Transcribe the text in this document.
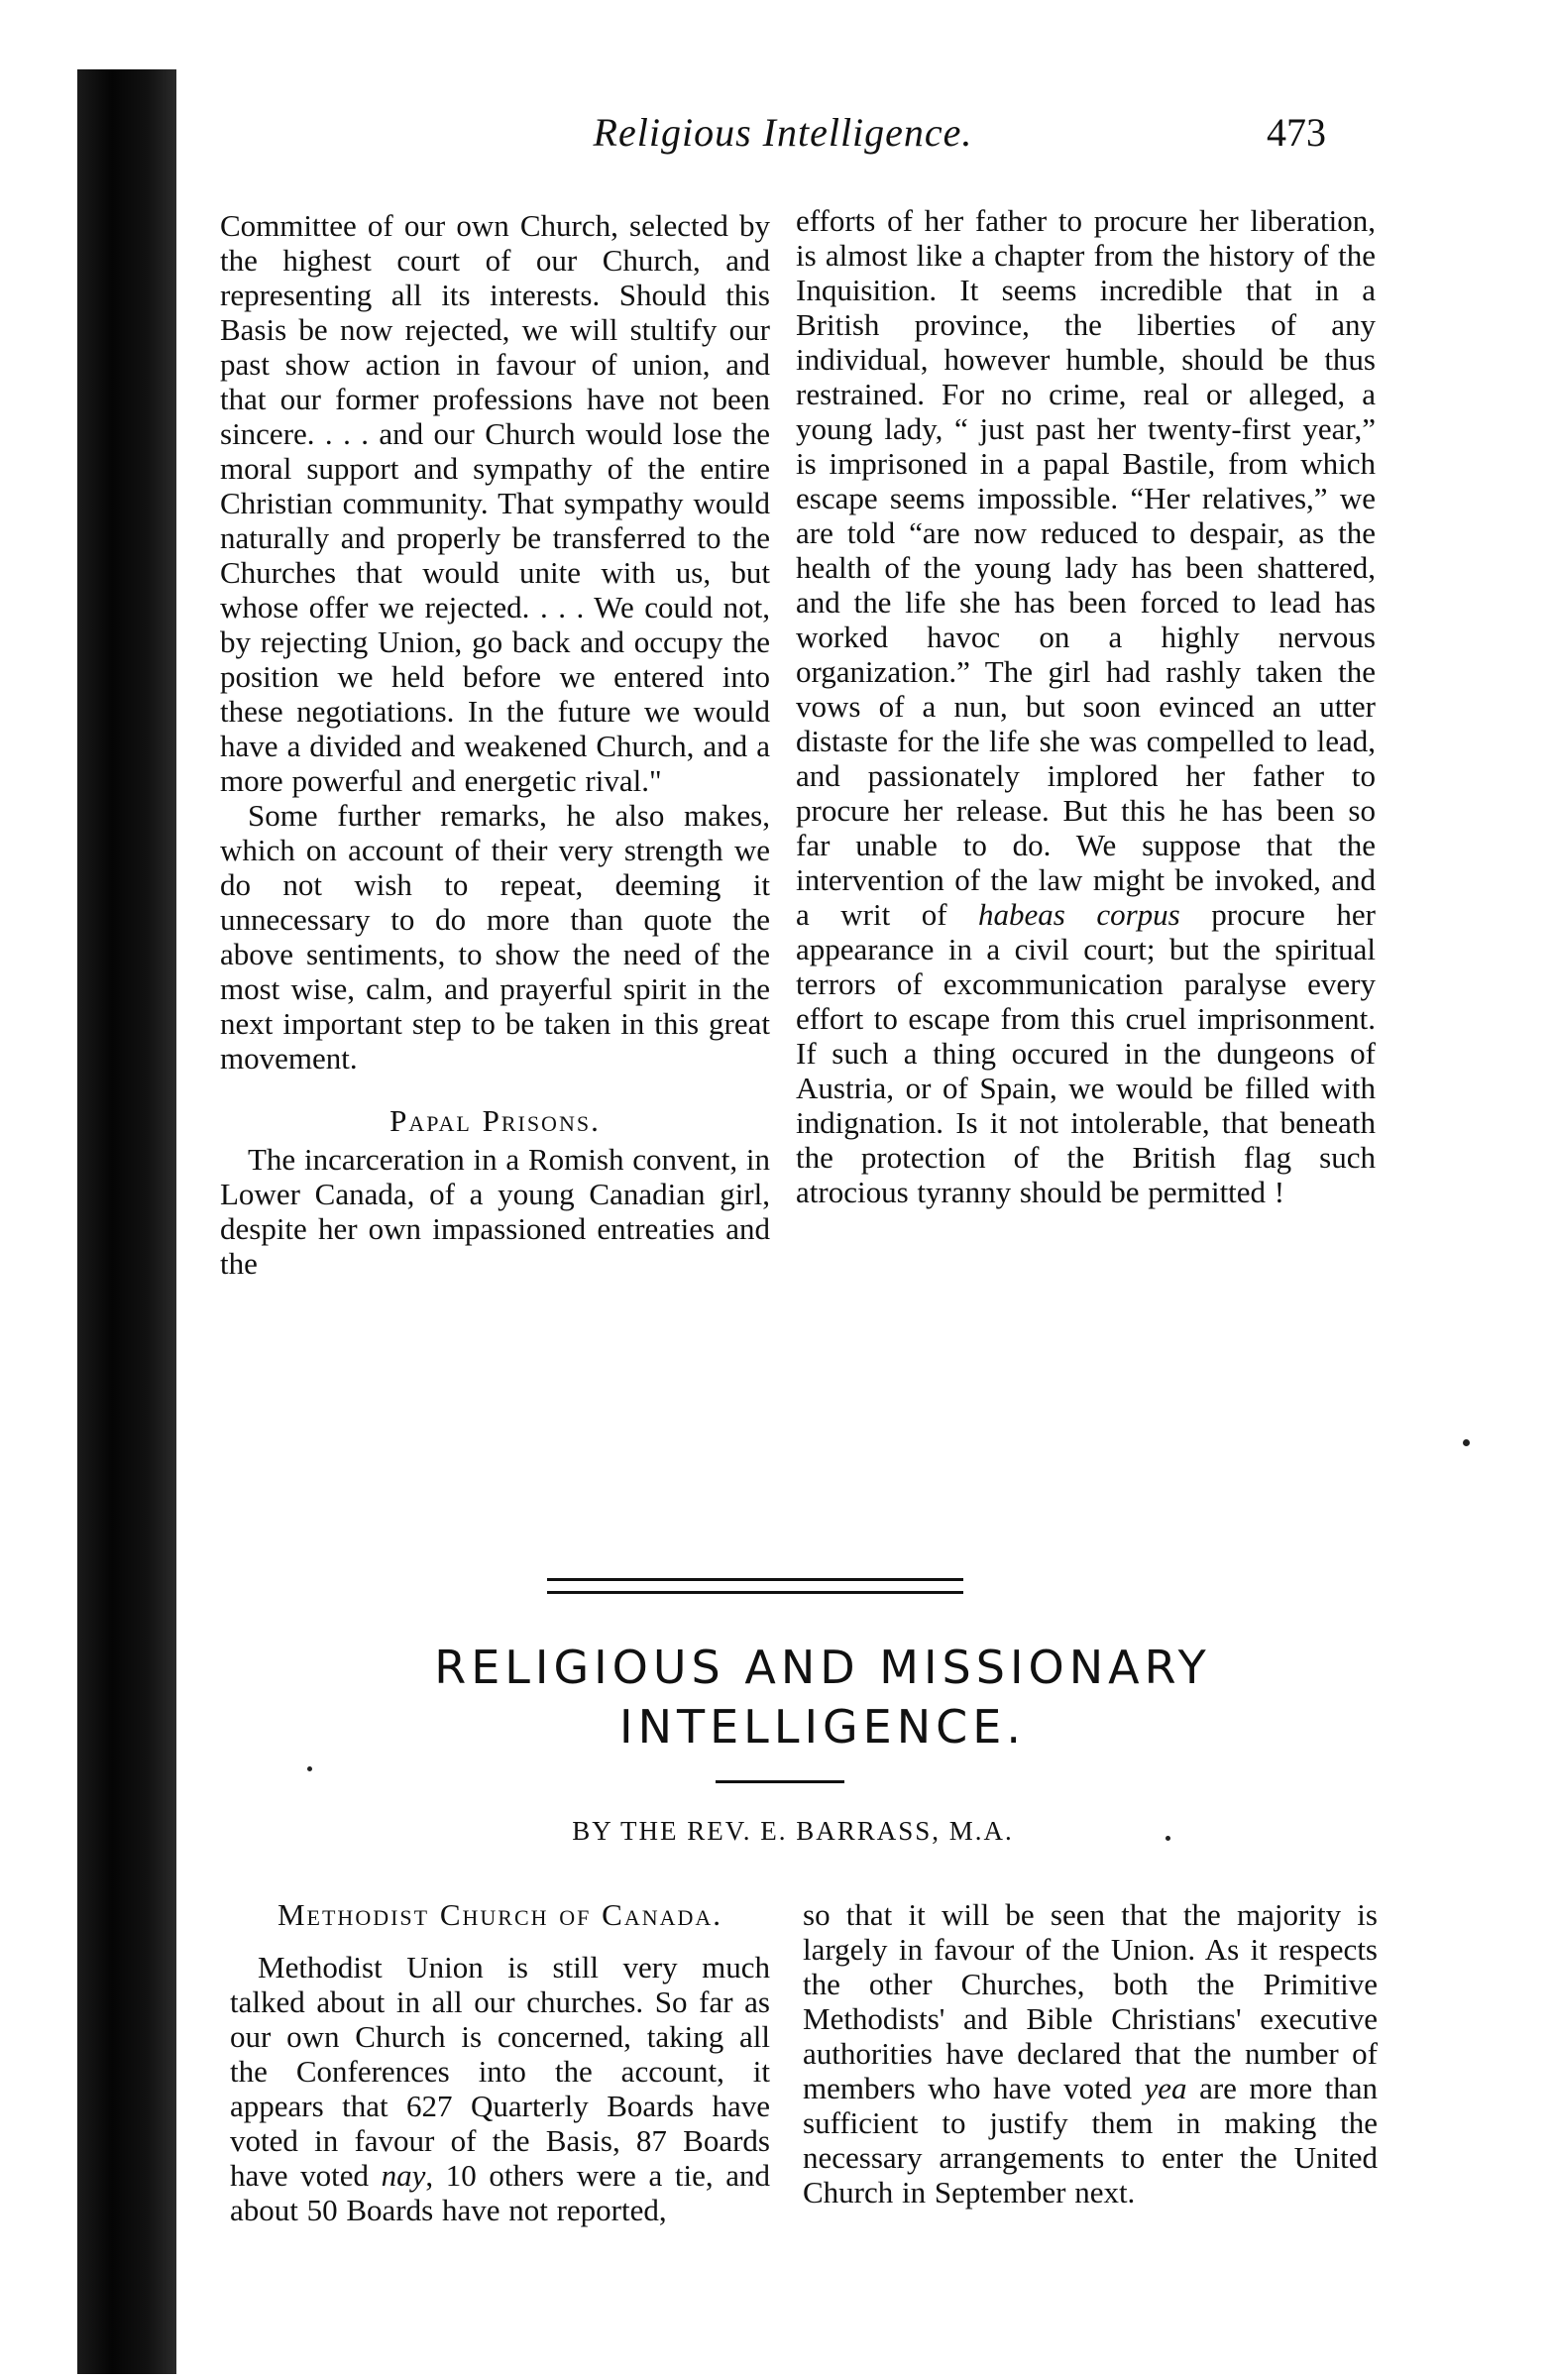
Religious Intelligence.	473

Committee of our own Church, selected by the highest court of our Church, and representing all its interests. Should this Basis be now rejected, we will stultify our past show action in favour of union, and that our former professions have not been sincere. . . . and our Church would lose the moral support and sympathy of the entire Christian community. That sympathy would naturally and properly be transferred to the Churches that would unite with us, but whose offer we rejected. . . . We could not, by rejecting Union, go back and occupy the position we held before we entered into these negotiations. In the future we would have a divided and weakened Church, and a more powerful and energetic rival."

Some further remarks, he also makes, which on account of their very strength we do not wish to repeat, deeming it unnecessary to do more than quote the above sentiments, to show the need of the most wise, calm, and prayerful spirit in the next important step to be taken in this great movement.

Papal Prisons.

The incarceration in a Romish convent, in Lower Canada, of a young Canadian girl, despite her own impassioned entreaties and the

efforts of her father to procure her liberation, is almost like a chapter from the history of the Inquisition. It seems incredible that in a British province, the liberties of any individual, however humble, should be thus restrained. For no crime, real or alleged, a young lady, “ just past her twenty-first year,” is imprisoned in a papal Bastile, from which escape seems impossible. “Her relatives,” we are told “are now reduced to despair, as the health of the young lady has been shattered, and the life she has been forced to lead has worked havoc on a highly nervous organization.” The girl had rashly taken the vows of a nun, but soon evinced an utter distaste for the life she was compelled to lead, and passionately implored her father to procure her release. But this he has been so far unable to do. We suppose that the intervention of the law might be invoked, and a writ of habeas corpus procure her appearance in a civil court; but the spiritual terrors of excommunication paralyse every effort to escape from this cruel imprisonment. If such a thing occured in the dungeons of Austria, or of Spain, we would be filled with indignation. Is it not intolerable, that beneath the protection of the British flag such atrocious tyranny should be permitted !

RELIGIOUS AND MISSIONARY
INTELLIGENCE.
BY THE REV. E. BARRASS, M.A.

Methodist Church of Canada.

Methodist Union is still very much talked about in all our churches. So far as our own Church is concerned, taking all the Conferences into the account, it appears that 627 Quarterly Boards have voted in favour of the Basis, 87 Boards have voted nay, 10 others were a tie, and about 50 Boards have not reported,

so that it will be seen that the majority is largely in favour of the Union. As it respects the other Churches, both the Primitive Methodists' and Bible Christians' executive authorities have declared that the number of members who have voted yea are more than sufficient to justify them in making the necessary arrangements to enter the United Church in September next.
